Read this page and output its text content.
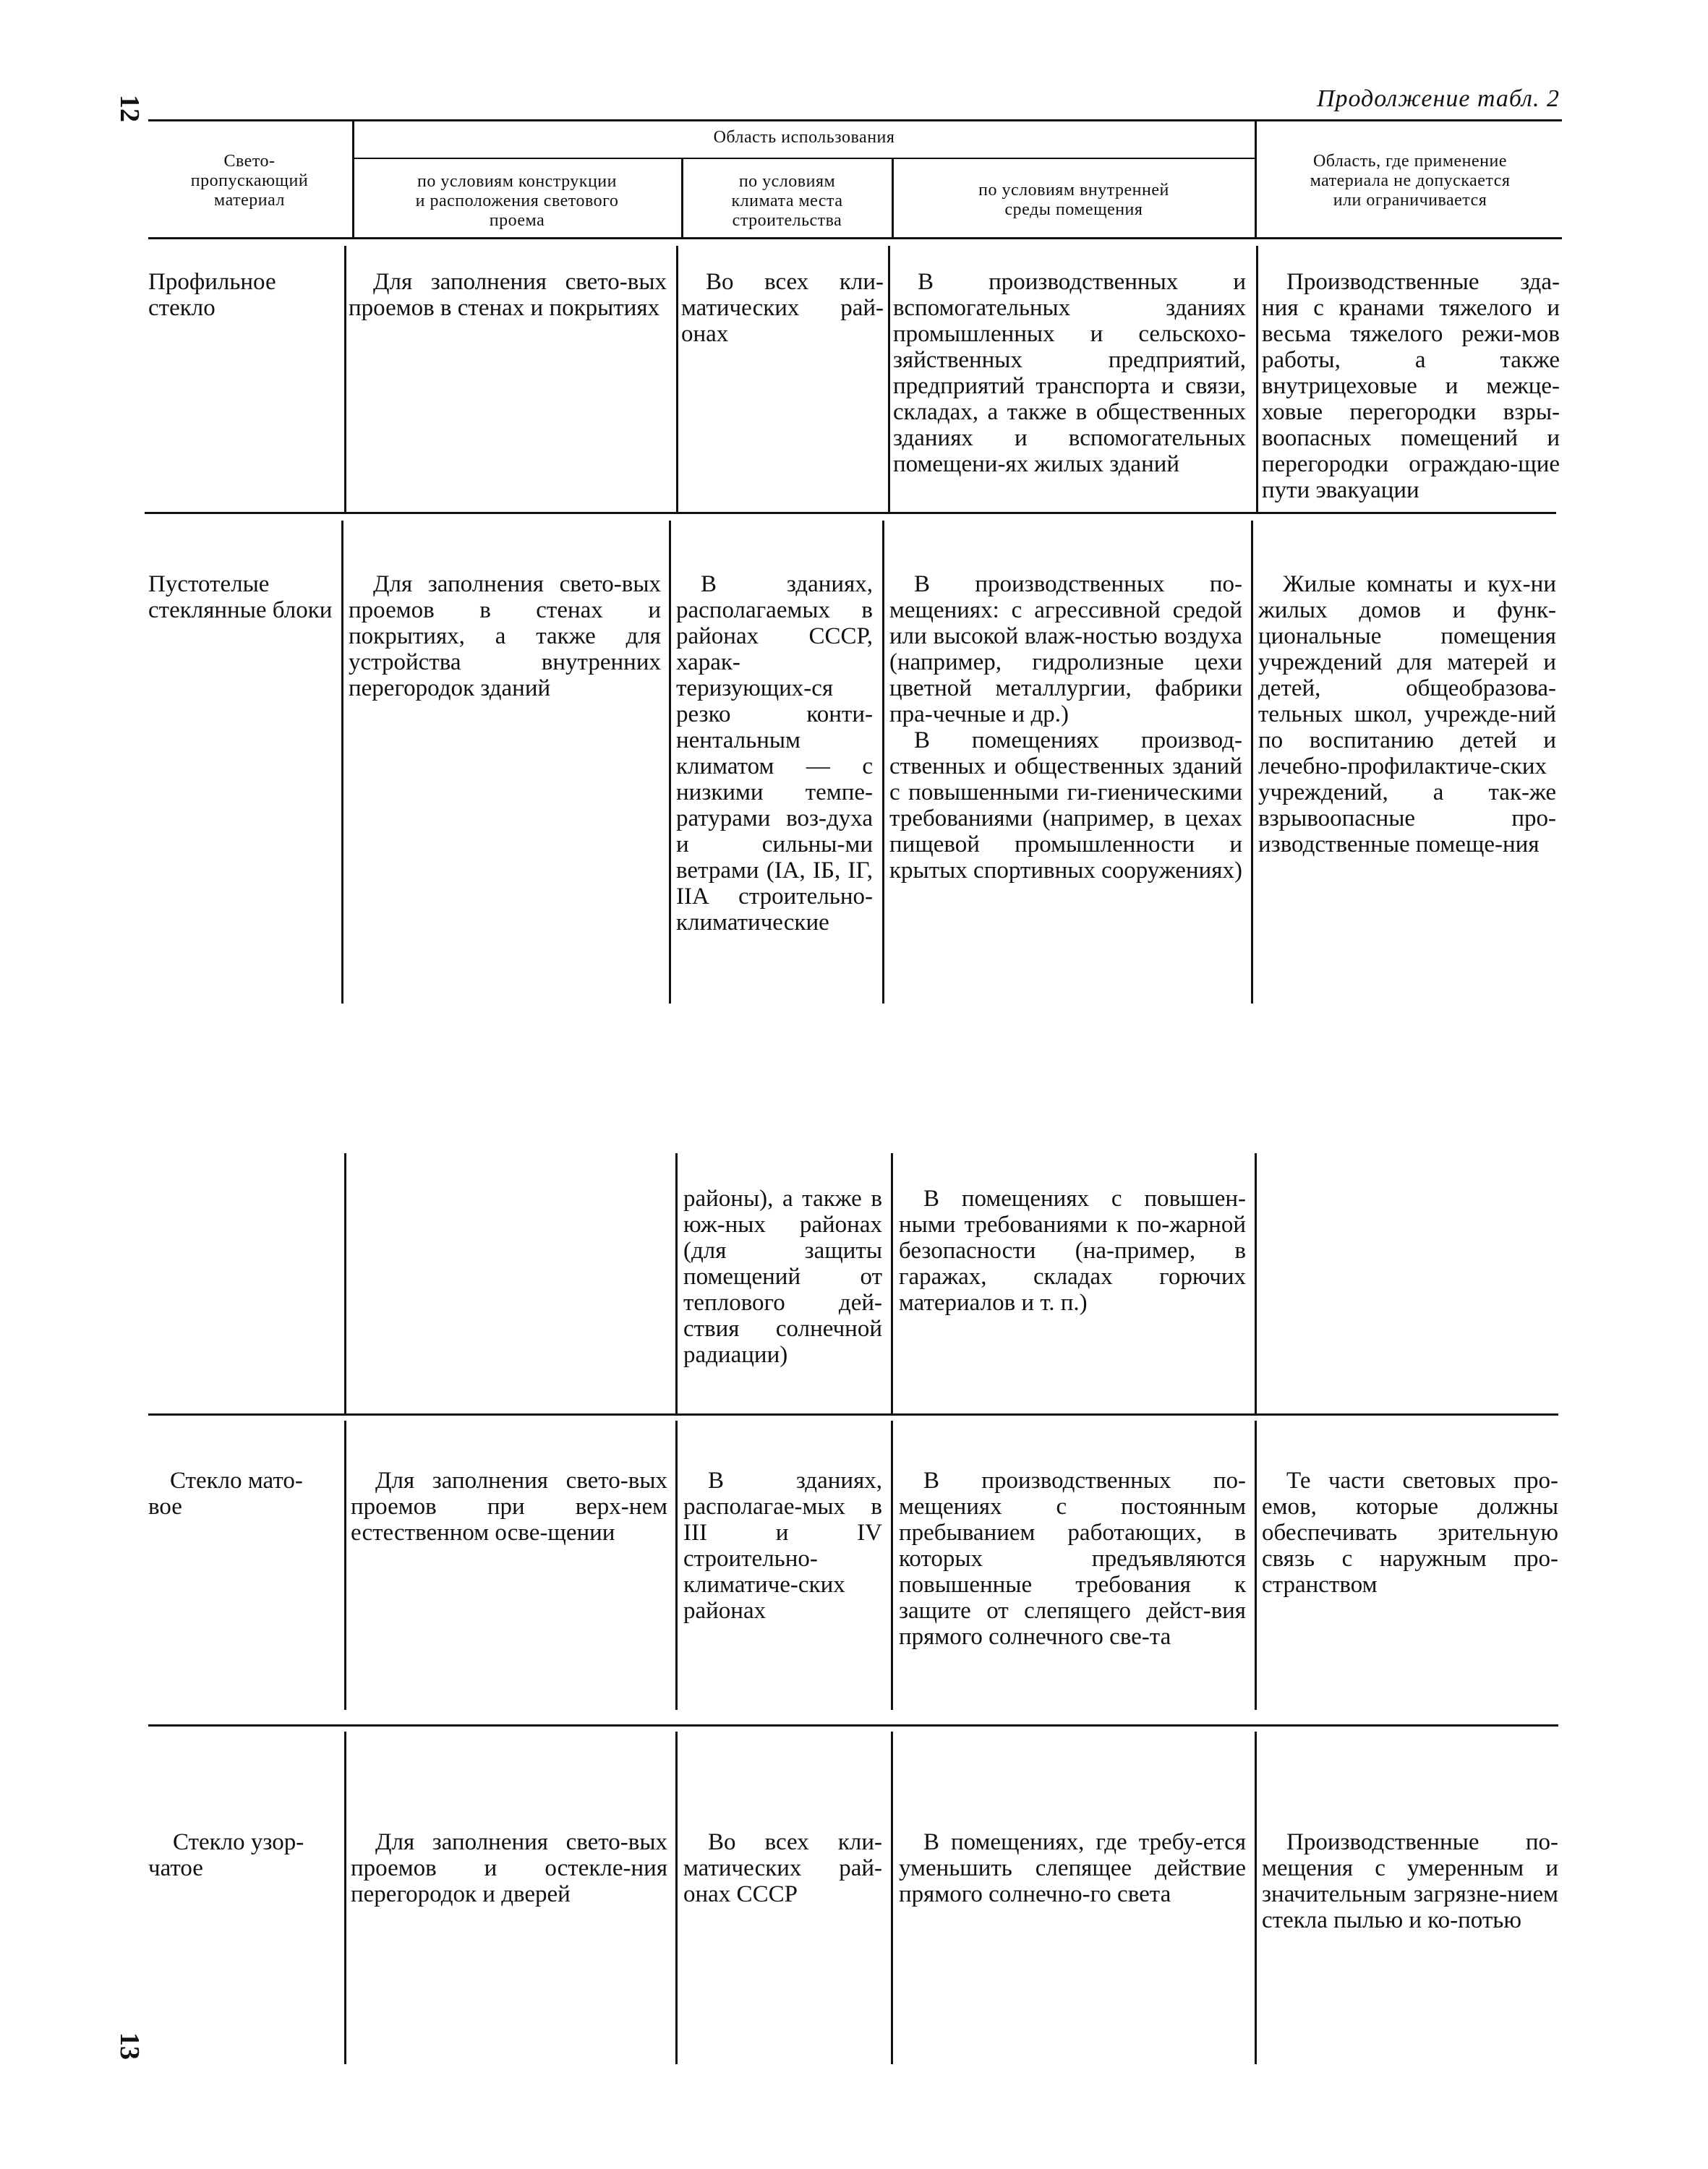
12
13
Продолжение табл. 2
Свето-
пропускающий
материал
Область использования
по условиям конструкции
и расположения светового
проема
по условиям
климата места
строительства
по условиям внутренней
среды помещения
Область, где применение
материала не допускается
или ограничивается
Профильное стекло

Для заполнения свето-вых проемов в стенах и покрытиях

Во всех кли-матических рай-онах

В производственных и вспомогательных зданиях промышленных и сельскохо-зяйственных предприятий, предприятий транспорта и связи, складах, а также в общественных зданиях и вспомогательных помещени-ях жилых зданий

Производственные зда-ния с кранами тяжелого и весьма тяжелого режи-мов работы, а также внутрицеховые и межце-ховые перегородки взры-воопасных помещений и перегородки ограждаю-щие пути эвакуации

Пустотелые стеклянные блоки

Для заполнения свето-вых проемов в стенах и покрытиях, а также для устройства внутренних перегородок зданий

В зданиях, располагаемых в районах СССР, харак-теризующих-ся резко конти-нентальным климатом — с низкими темпе-ратурами воз-духа и сильны-ми ветрами (IA, IБ, IГ, IIA строительно-климатические

В производственных по-мещениях: с агрессивной средой или высокой влаж-ностью воздуха (например, гидролизные цехи цветной металлургии, фабрики пра-чечные и др.)

В помещениях производ-ственных и общественных зданий с повышенными ги-гиеническими требованиями (например, в цехах пищевой промышленности и крытых спортивных сооружениях)

Жилые комнаты и кух-ни жилых домов и функ-циональные помещения учреждений для матерей и детей, общеобразова-тельных школ, учрежде-ний по воспитанию детей и лечебно-профилактиче-ских учреждений, а так-же взрывоопасные про-изводственные помеще-ния

районы), а также в юж-ных районах (для защиты помещений от теплового дей-ствия солнечной радиации)

В помещениях с повышен-ными требованиями к по-жарной безопасности (на-пример, в гаражах, складах горючих материалов и т. п.)

Стекло мато-вое

Для заполнения свето-вых проемов при верх-нем естественном осве-щении

В зданиях, располагае-мых в III и IV строительно-климатиче-ских районах

В производственных по-мещениях с постоянным пребыванием работающих, в которых предъявляются повышенные требования к защите от слепящего дейст-вия прямого солнечного све-та

Те части световых про-емов, которые должны обеспечивать зрительную связь с наружным про-странством

Стекло узор-чатое

Для заполнения свето-вых проемов и остекле-ния перегородок и дверей

Во всех кли-матических рай-онах СССР

В помещениях, где требу-ется уменьшить слепящее действие прямого солнечно-го света

Производственные по-мещения с умеренным и значительным загрязне-нием стекла пылью и ко-потью
